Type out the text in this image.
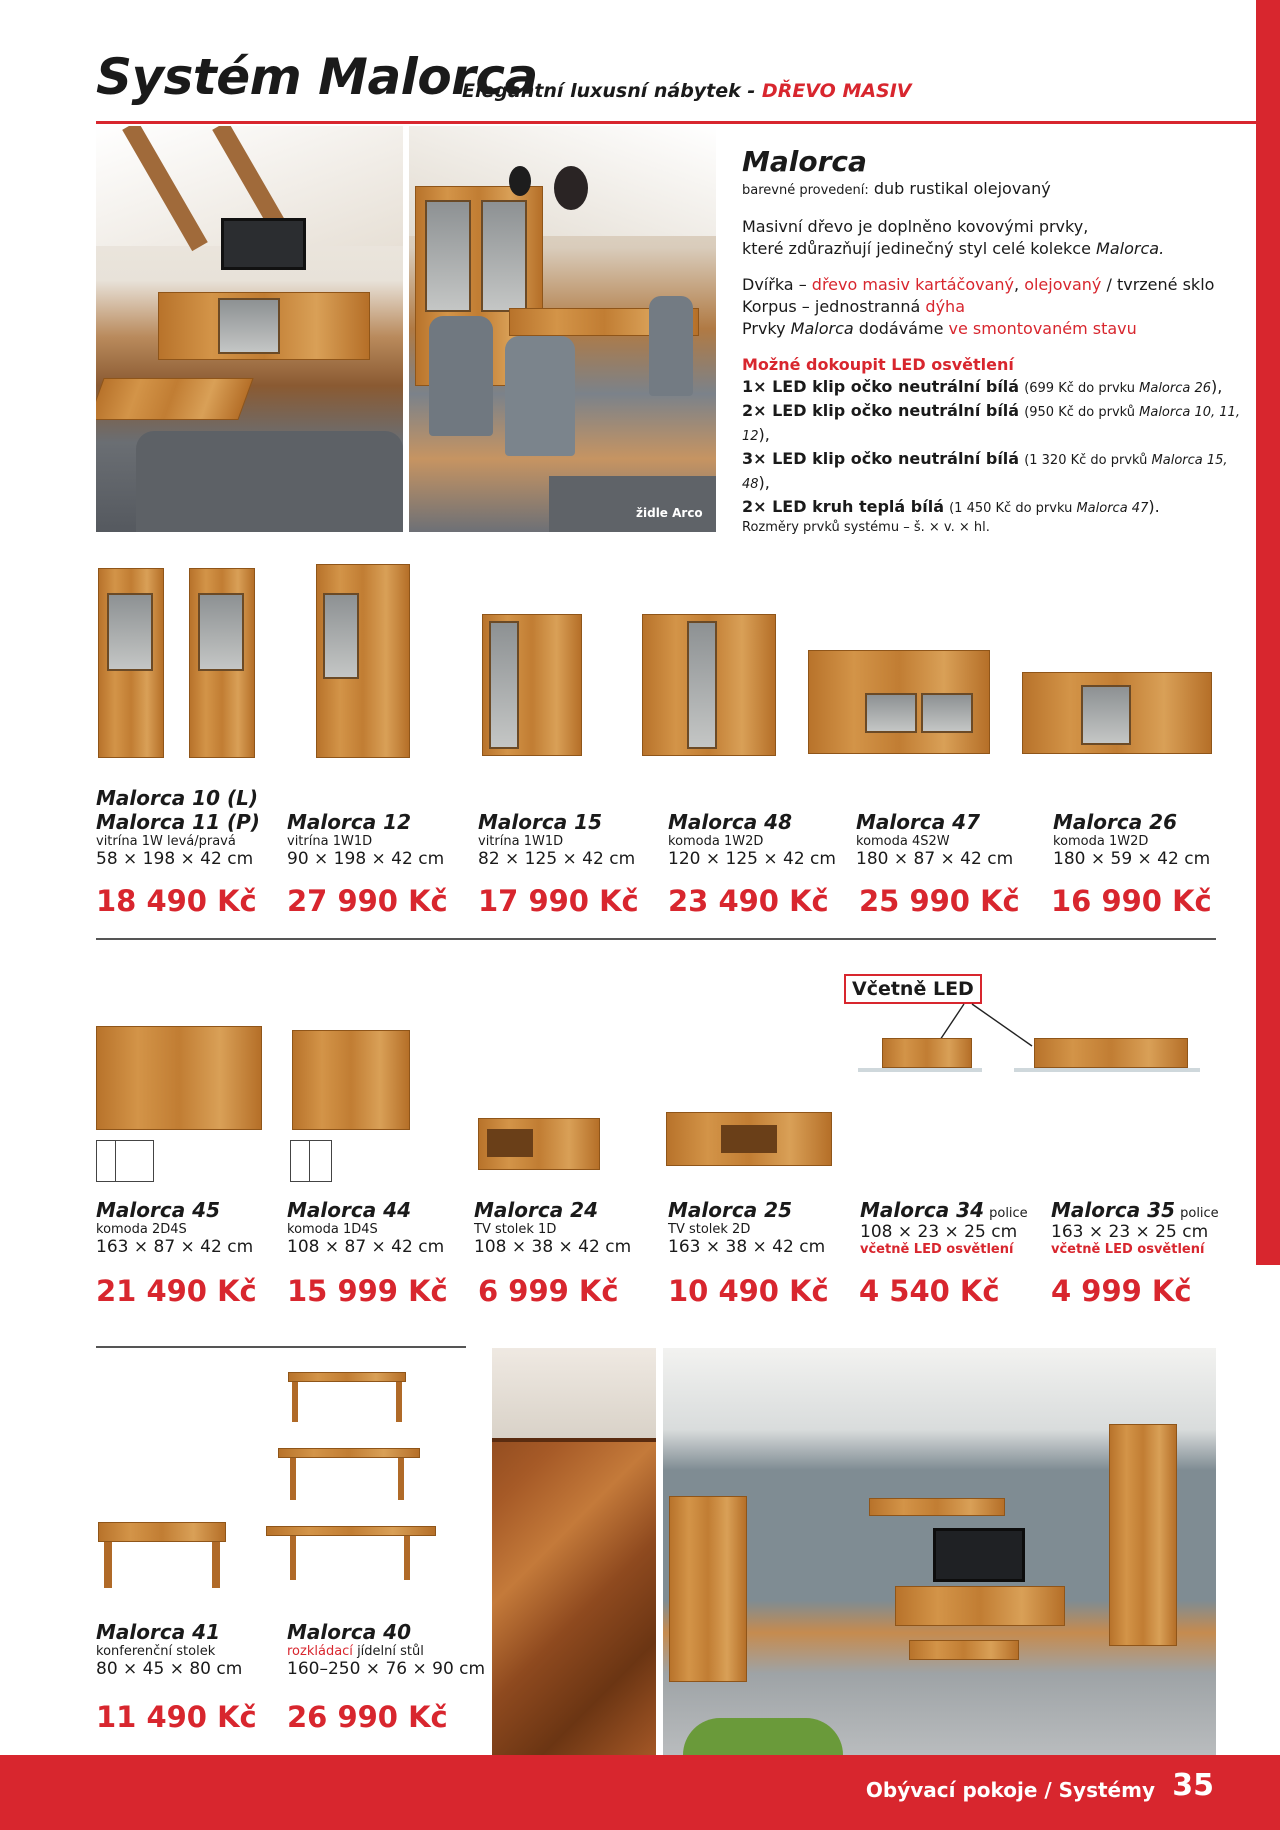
Systém Malorca
Elegantní luxusní nábytek - DŘEVO MASIV
židle Arco
Malorca
barevné provedení: dub rustikal olejovaný
Masivní dřevo je doplněno kovovými prvky,
které zdůrazňují jedinečný styl celé kolekce Malorca.
Dvířka – dřevo masiv kartáčovaný, olejovaný / tvrzené sklo
Korpus – jednostranná dýha
Prvky Malorca dodáváme ve smontovaném stavu
Možné dokoupit LED osvětlení
1× LED klip očko neutrální bílá (699 Kč do prvku Malorca 26),
2× LED klip očko neutrální bílá (950 Kč do prvků Malorca 10, 11, 12),
3× LED klip očko neutrální bílá (1 320 Kč do prvků Malorca 15, 48),
2× LED kruh teplá bílá (1 450 Kč do prvku Malorca 47).
Rozměry prvků systému – š. × v. × hl.
Malorca 10 (L)
Malorca 11 (P)
vitrína 1W levá/pravá
58 × 198 × 42 cm
Malorca 12
vitrína 1W1D
90 × 198 × 42 cm
Malorca 15
vitrína 1W1D
82 × 125 × 42 cm
Malorca 48
komoda 1W2D
120 × 125 × 42 cm
Malorca 47
komoda 4S2W
180 × 87 × 42 cm
Malorca 26
komoda 1W2D
180 × 59 × 42 cm
18 490 Kč 27 990 Kč 17 990 Kč 23 490 Kč 25 990 Kč 16 990 Kč
Včetně LED
Malorca 45
komoda 2D4S
163 × 87 × 42 cm
Malorca 44
komoda 1D4S
108 × 87 × 42 cm
Malorca 24
TV stolek 1D
108 × 38 × 42 cm
Malorca 25
TV stolek 2D
163 × 38 × 42 cm
Malorca 34 police
108 × 23 × 25 cm
včetně LED osvětlení
Malorca 35 police
163 × 23 × 25 cm
včetně LED osvětlení
21 490 Kč 15 999 Kč 6 999 Kč 10 490 Kč 4 540 Kč 4 999 Kč
Malorca 41
konferenční stolek
80 × 45 × 80 cm
Malorca 40
rozkládací jídelní stůl
160–250 × 76 × 90 cm
11 490 Kč 26 990 Kč
Obývací pokoje / Systémy 35
